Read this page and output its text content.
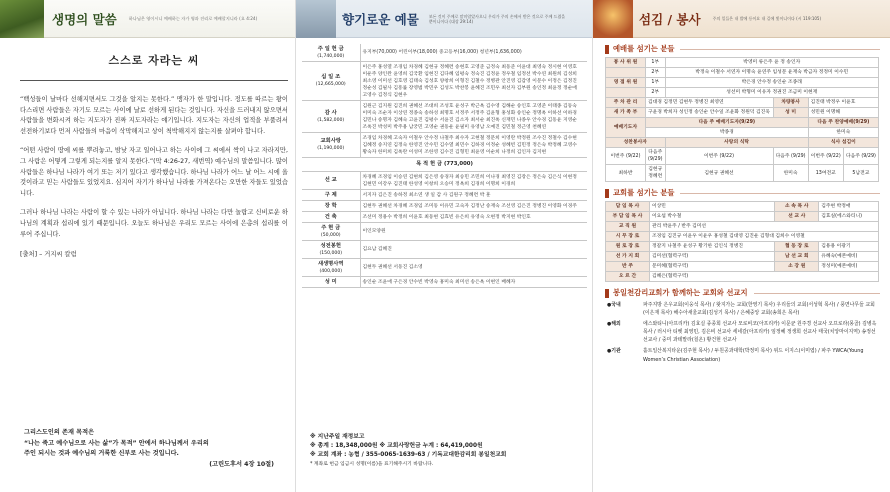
생명의 말씀	하나님은 영이시니 예배하는 자가 영과 진리로 예배할지니라 (요 4:24)
스스로 자라는 씨

“백성들이 날마다 선해지면서도 그것을 알지는 못한다.” 맹자가 한 말입니다. 정도를 따르는 왕이 다스리면 사람들은 자기도 모르는 사이에 날로 선하게 된다는 것입니다. 자신을 드러내지 않으면서 사람들을 변화시켜 하는 지도자가 진짜 지도자라는 얘기입니다. 지도자는 자신의 업적을 부풀려서 선전하기보다 먼저 사람들의 마음이 삭막해지고 상이 척박해지지 않는지를 살펴야 합니다.

“어떤 사람이 땅에 씨를 뿌려놓고, 밤낮 자고 일어나고 하는 사이에 그 씨에서 싹이 나고 자라지만, 그 사람은 어떻게 그렇게 되는지를 알지 못한다.”(막 4:26-27, 새번역) 예수님의 말씀입니다. 많이 사람들은 하나님 나라가 여기 또는 저기 있다고 생각했습니다. 하나님 나라가 어느 날 어느 시에 올 것이라고 믿는 사람들도 있었지요. 심지어 자기가 하나님 나라를 가져온다는 오만한 자들도 있었습니다.

그러나 하나님 나라는 사람이 할 수 있는 나라가 아닙니다. 하나님 나라는 다만 놀랍고 신비로운 하나님의 계획과 섭리에 있기 때문입니다. 오늘도 하나님은 우리도 모르는 사이에 은총의 섭리를 이루어 주십니다.

[출처] – 거지씨 칼럼
그리스도인의 존재 목적은
“나는 죽고 예수님으로 사는 삶”가 목적” 안에서 하나님께서 우리의
주인 되시는 것과 예수님의 거룩한 신부로 사는 것입니다.
(고린도후서 4장 10절)
향기로운 예물	보든 것이 주께로 말미암았사오니 우리가 주의 손에서 받은 것으로 주께 드렸을 뿐이니이다 (대상 29:14)
주 일 헌 금
(1,740,000)	유지부(70,000) 어린이부(18,000) 중고등부(16,000) 청년부(1,636,000)
십 일 조
(12,665,000)	이은주 홍성열 조경임 차경혜 김현규 정혜련 송현호 고영준 금정숙 최동준 이윤대 최영숙 정시현 이영호 이운주 양인완 윤영희 김국환 임현진 김다혜 임평숙 정숙진 김정윤 정우철 임정선 박수연 최원희 김성희 최소영 이미선 김호영 김태숙 김성호 양창희 이형진 김철수 정병관 안진영 김갑영 이문수 이정은 김정진 정순성 김필사 김흥률 장영범 박민우 김성도 박찬봉 윤혜진 조민우 최선자 김부원 송인정 최윤정 정순애 고영수 김정식 김현우
감 사
(1,582,000)	김원근 김지원 김진희 권혜선 조대희 조성호 윤성구 박근옥 김수영 김해순 송인호 고영준 이태종 김동숙 이미숙 조순자 이상연 정종숙 송하성 최명호 서정주 서정주 김윤형 홍성화 송인순 정명옥 이하선 이하경 김민나 송명자 김혜숙 고윤진 김평수 서윤진 김소자 최서순 최진옥 신재민 나종우 안수경 김동윤 지영순 조옥진 박성미 박주용 남궁민 고영순 권동운 윤필미 유영남 오예진 김민철 정근영 천혜연
교회사랑
(1,190,000)	조경임 차경혜 고숙자 이철우 안수정 나철주 최수자 고현철 정문희 이영란 박정원 조수진 정철수 김수현 김혜정 송지연 김정숙 한영진 안수민 김수열 최민수 김하경 이정순 성혜빈 김민정 정은숙 박정혜 고영수 황숙자 한미희 김옥란 이성미 조한영 김수진 김형민 최윤영 이순희 나정희 김인자 김지현
목 적 헌 금 (773,000)	
선 교	차경혜 조경임 이승연 김현희 김은영 송경자 최승민 조민희 이나경 최영진 김장은 정은숙 김은식 이현정 김현민 이강우 김진태 한성영 이창희 오승미 정옥희 김경희 이명희 이경희
구 제	서지자 김은진 송하정 최소연 생 일 감 사 김원구 정혜련 박 훈
장 학	김현두 권혜선 차경혜 조경임 조미동 이유민 고숙자 김정난 송재숙 조선영 김은진 정병진 이영화 이경주
건 축	조선미 정용수 박정희 이윤호 최동현 김효빈 유은희 유영숙 오현정 박지현 박인호
주 현 금
(50,000)	이인모양원
성전봉헌
(150,000)	김요남 김혜진
새생명사역
(400,000)	김현두 권혜선 서동진 김소영
성 미	송인순 조윤애 구은경 안수빈 박영숙 홍미숙 최미선 송은옥 이현인 배혜자
※ 지난주일 재정보고
※ 총계 : 18,348,000원 ※ 교회사랑헌금 누계 : 64,419,000원
※ 교회 계좌 : 농협 / 355-0065-1639-63 / 기독교대한감리회 봉일천교회
* 계좌로 헌금 입금시 성명(이름)을 표기해주시기 바랍니다.
섬김 / 봉사	주의 일들은 내 발에 등이요 내 길에 빛이니이다 (시 119:105)
예배를 섬기는 분들
봉 사 위 원	1부	박영미 류은주 윤 정 송인자			
	2부	박정숙 이철수 서연자 이명숙 윤연주 임성문 윤재숙 박금자 정정미 이수민			
영 접 위 원	1부	박은경 안수정 송인순 조종래			
	2부	성선미 박형미 이유자 정권진 조금미 이현재			
주 차 관 리	김대경 김정민 김현두 정병진 최영연		차량봉사	김진태 박정우 이윤호	
새 가 족 부	구윤경 박희자 성인정 송인순 안수일 조윤화 정원덕 김진욱		성 미	성민원 이명해	
예배기도자	다음 주 예배기도자(9/29)			다음 주 찬양예배(9/29)	
	박종경			한미숙	
성찬봉사자		사랑의 식탁		식사 섬김이	
이번주 (9/22)	다음주 (9/29)	이번주 (9/22)	다음주 (9/29)	이번주 (9/22)	다음주 (9/29)
최하반	김현규 정혜련	김현규 권혜선	한미숙	13여전교	5남전교
교회를 섬기는 분들
담 임 목 사	이상민	소 속 목 사	김주현 박정애
부 담 임 목 사	이요섭 박수철	선 교 사	김효실(에스와티니)
교 직 원	관리 박윤주 / 반주 김미선		
시 무 장 로	조경임 김진규 이윤우 이윤우 홍성철 김대영 김진운 김형대 김희수 이영철		
원 로 장 로	정갈지 나철주 윤성구 황기한 김인식 정병진	협 동 장 로	김용용 이광기
선 가 지 회	김미선(협력구역)	남 선 교 회	유혜숙(예본예비)
반 주	문미혜(협력구역)	소 강 원	정성미(예본예비)
오 르 간	김혜은(협력구역)		
봉일천감리교회가 함께하는 교회와 선교지
●국내	파주지방 은우교회(이웅석 목사) / 왓지가는 교회(한영기 목사) 우리들의 교회(서성혁 목사) / 풍면나무들 교회(이은재 목사) 해수아새울교회(김성기 목사) / 은혜중앙 교회(송희은 목사)
●해외	에스와티니(아프리카) 김효실 종종희 선교사 모로비코(아프리카) 이문균 원주경 선교사 오프로라(몽골) 김병옥 목사 / 러시아 티벳 최영민, 김은비 선교사 세네갈(아프리카) 임정혜 정생희 선교사 태국(치앙마이지역) 송정선 선교사 / 중미 과테말라(칠온) 황건현 선교사
●기관	홀트일산복지타운(김주현 목사) / 두원공과대학(박정미 목사) 위드 이지스(이미엽) / 파주 YWCA(Young Women’s Christian Association)
